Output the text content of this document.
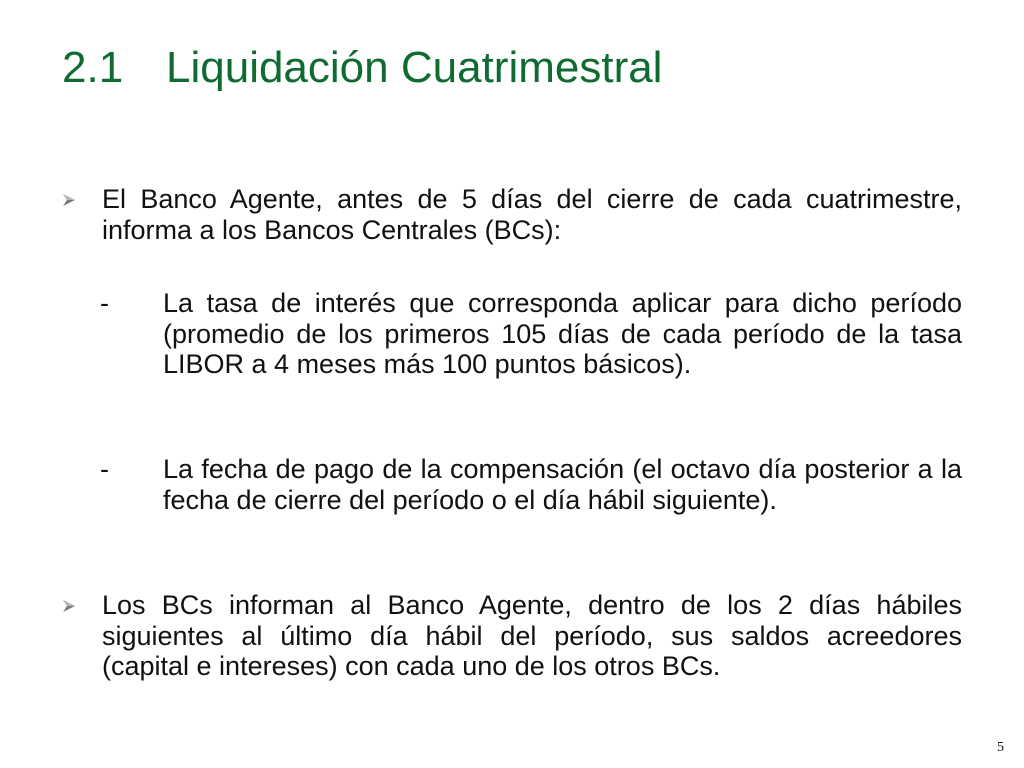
2.1 Liquidación Cuatrimestral
El Banco Agente, antes de 5 días del cierre de cada cuatrimestre, informa a los Bancos Centrales (BCs):
- La tasa de interés que corresponda aplicar para dicho período (promedio de los primeros 105 días de cada período de la tasa LIBOR a 4 meses más 100 puntos básicos).
- La fecha de pago de la compensación (el octavo día posterior a la fecha de cierre del período o el día hábil siguiente).
Los BCs informan al Banco Agente, dentro de los 2 días hábiles siguientes al último día hábil del período, sus saldos acreedores (capital e intereses) con cada uno de los otros BCs.
5
